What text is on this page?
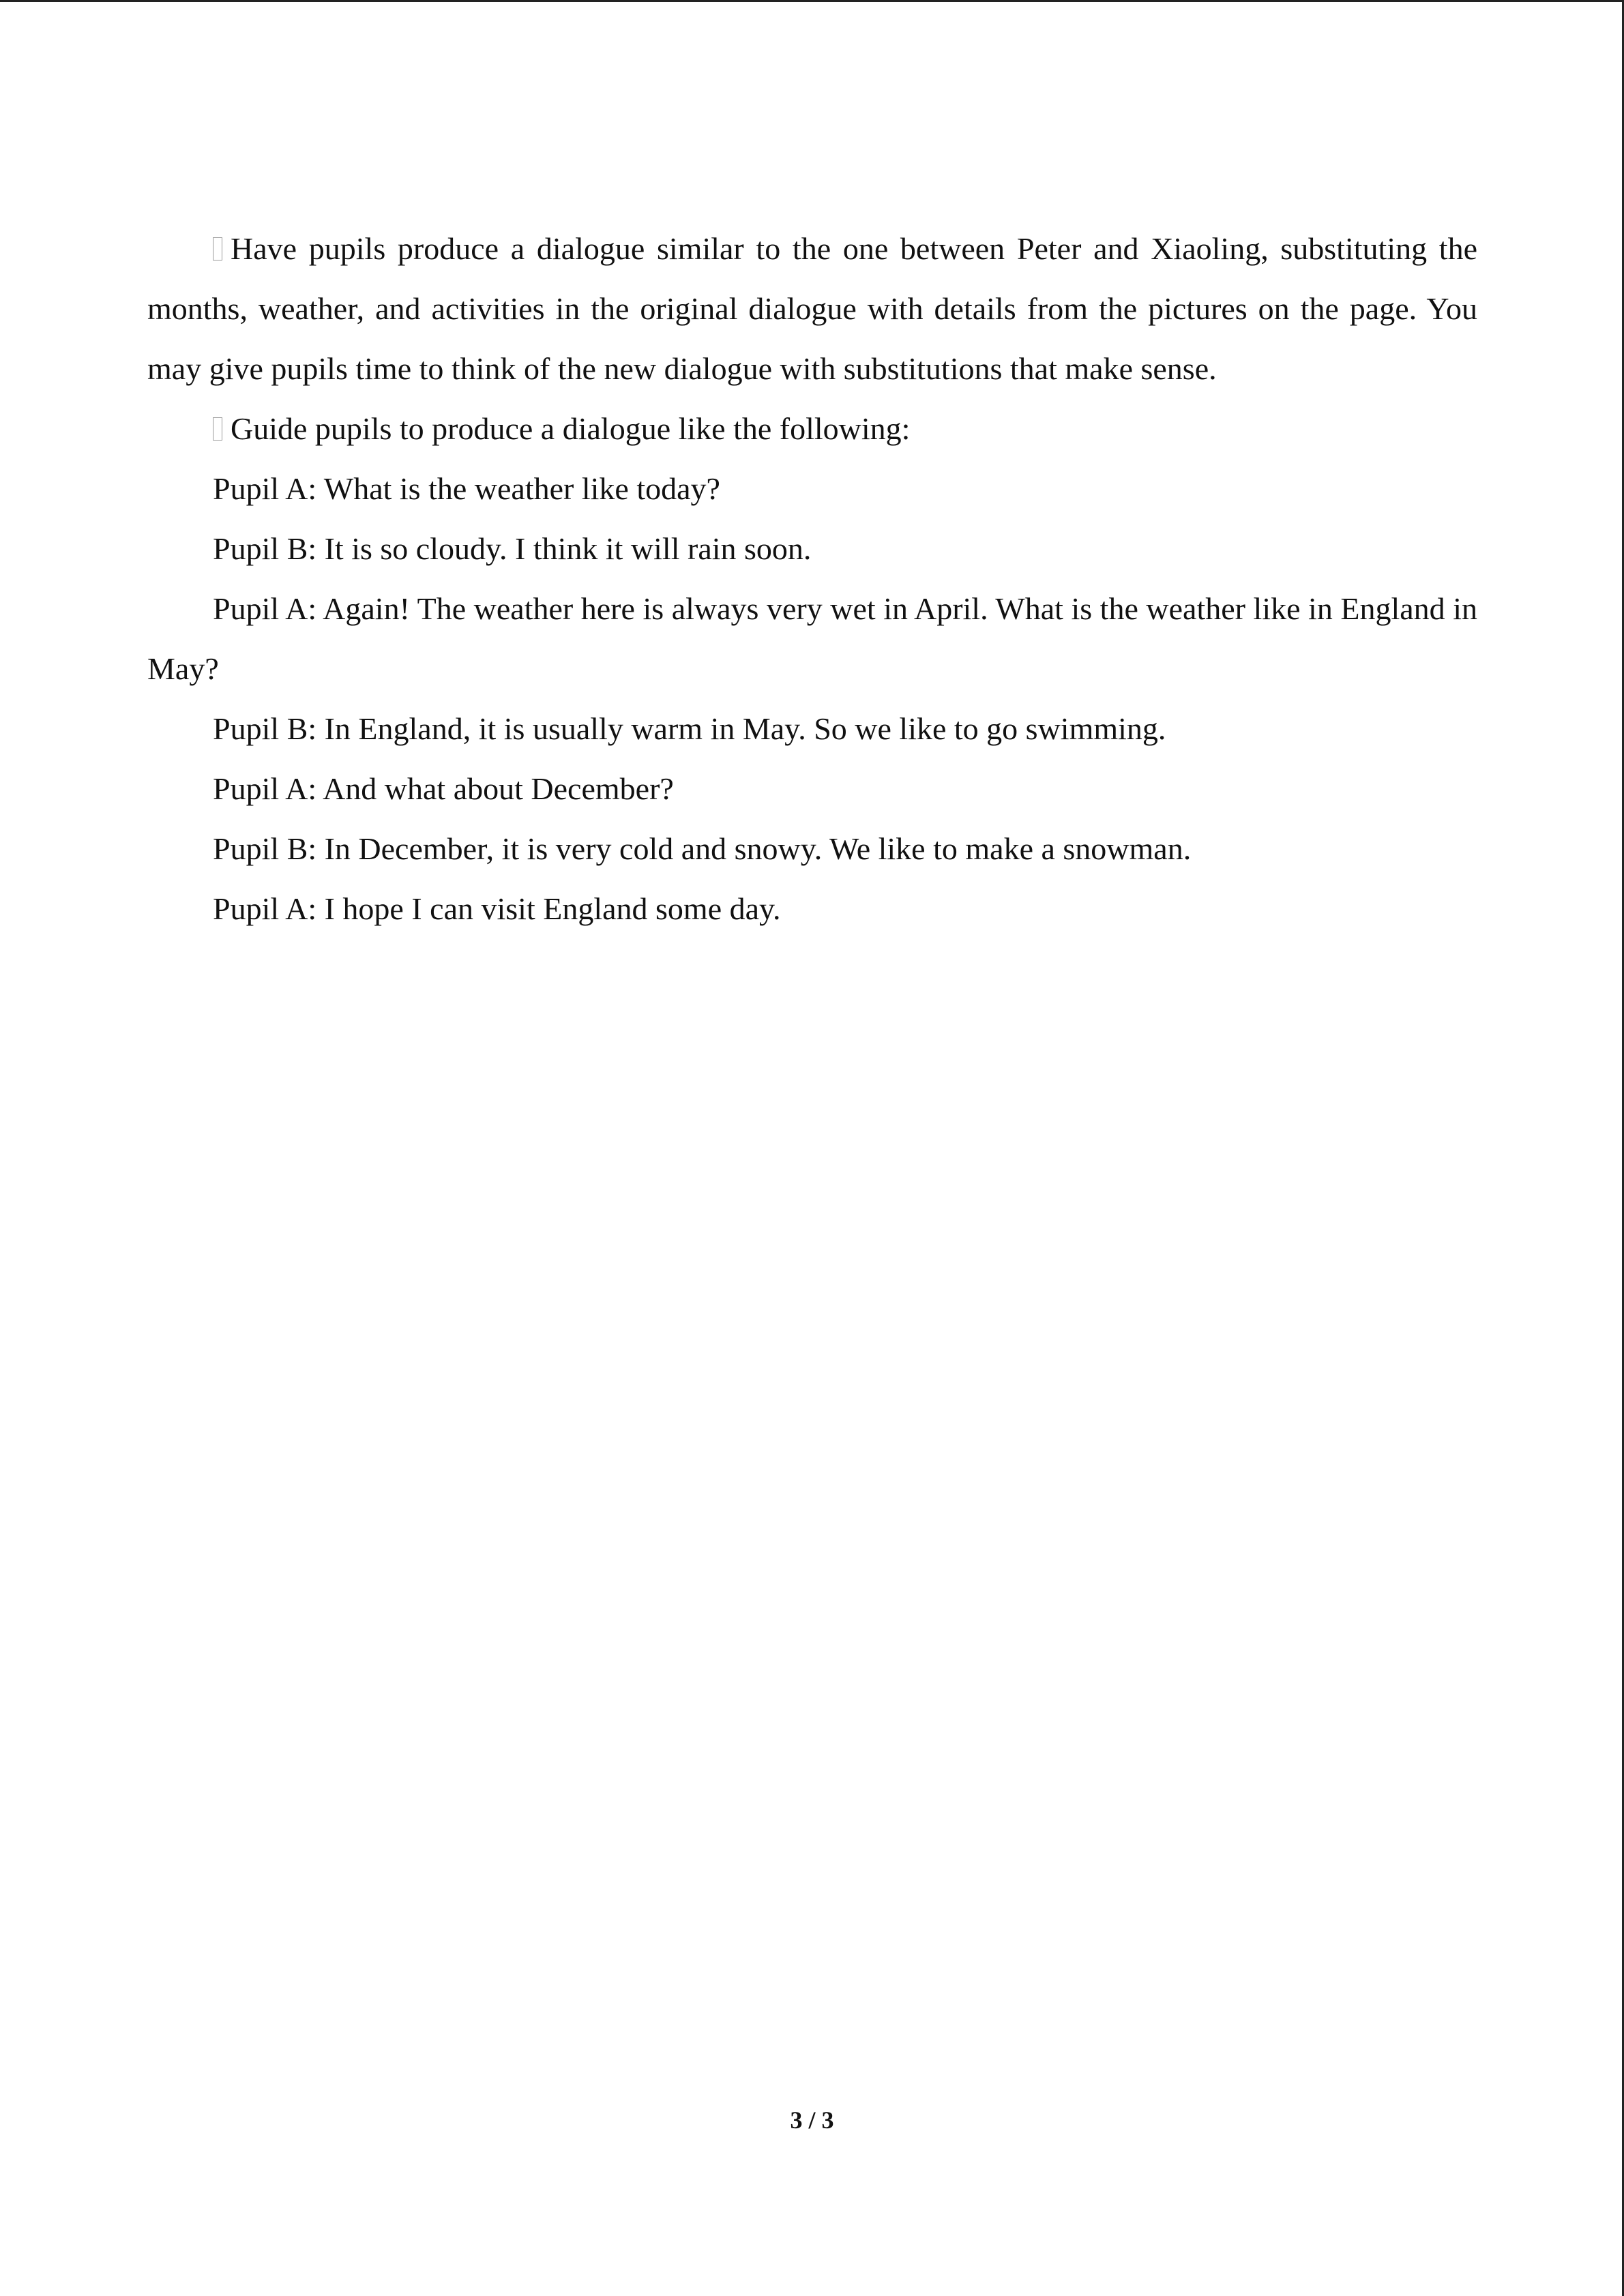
Have pupils produce a dialogue similar to the one between Peter and Xiaoling, substituting the months, weather, and activities in the original dialogue with details from the pictures on the page. You may give pupils time to think of the new dialogue with substitutions that make sense.

Guide pupils to produce a dialogue like the following:

Pupil A: What is the weather like today?

Pupil B: It is so cloudy. I think it will rain soon.

Pupil A: Again! The weather here is always very wet in April. What is the weather like in England in May?

Pupil B: In England, it is usually warm in May. So we like to go swimming.

Pupil A: And what about December?

Pupil B: In December, it is very cold and snowy. We like to make a snowman.

Pupil A: I hope I can visit England some day.

3 / 3
